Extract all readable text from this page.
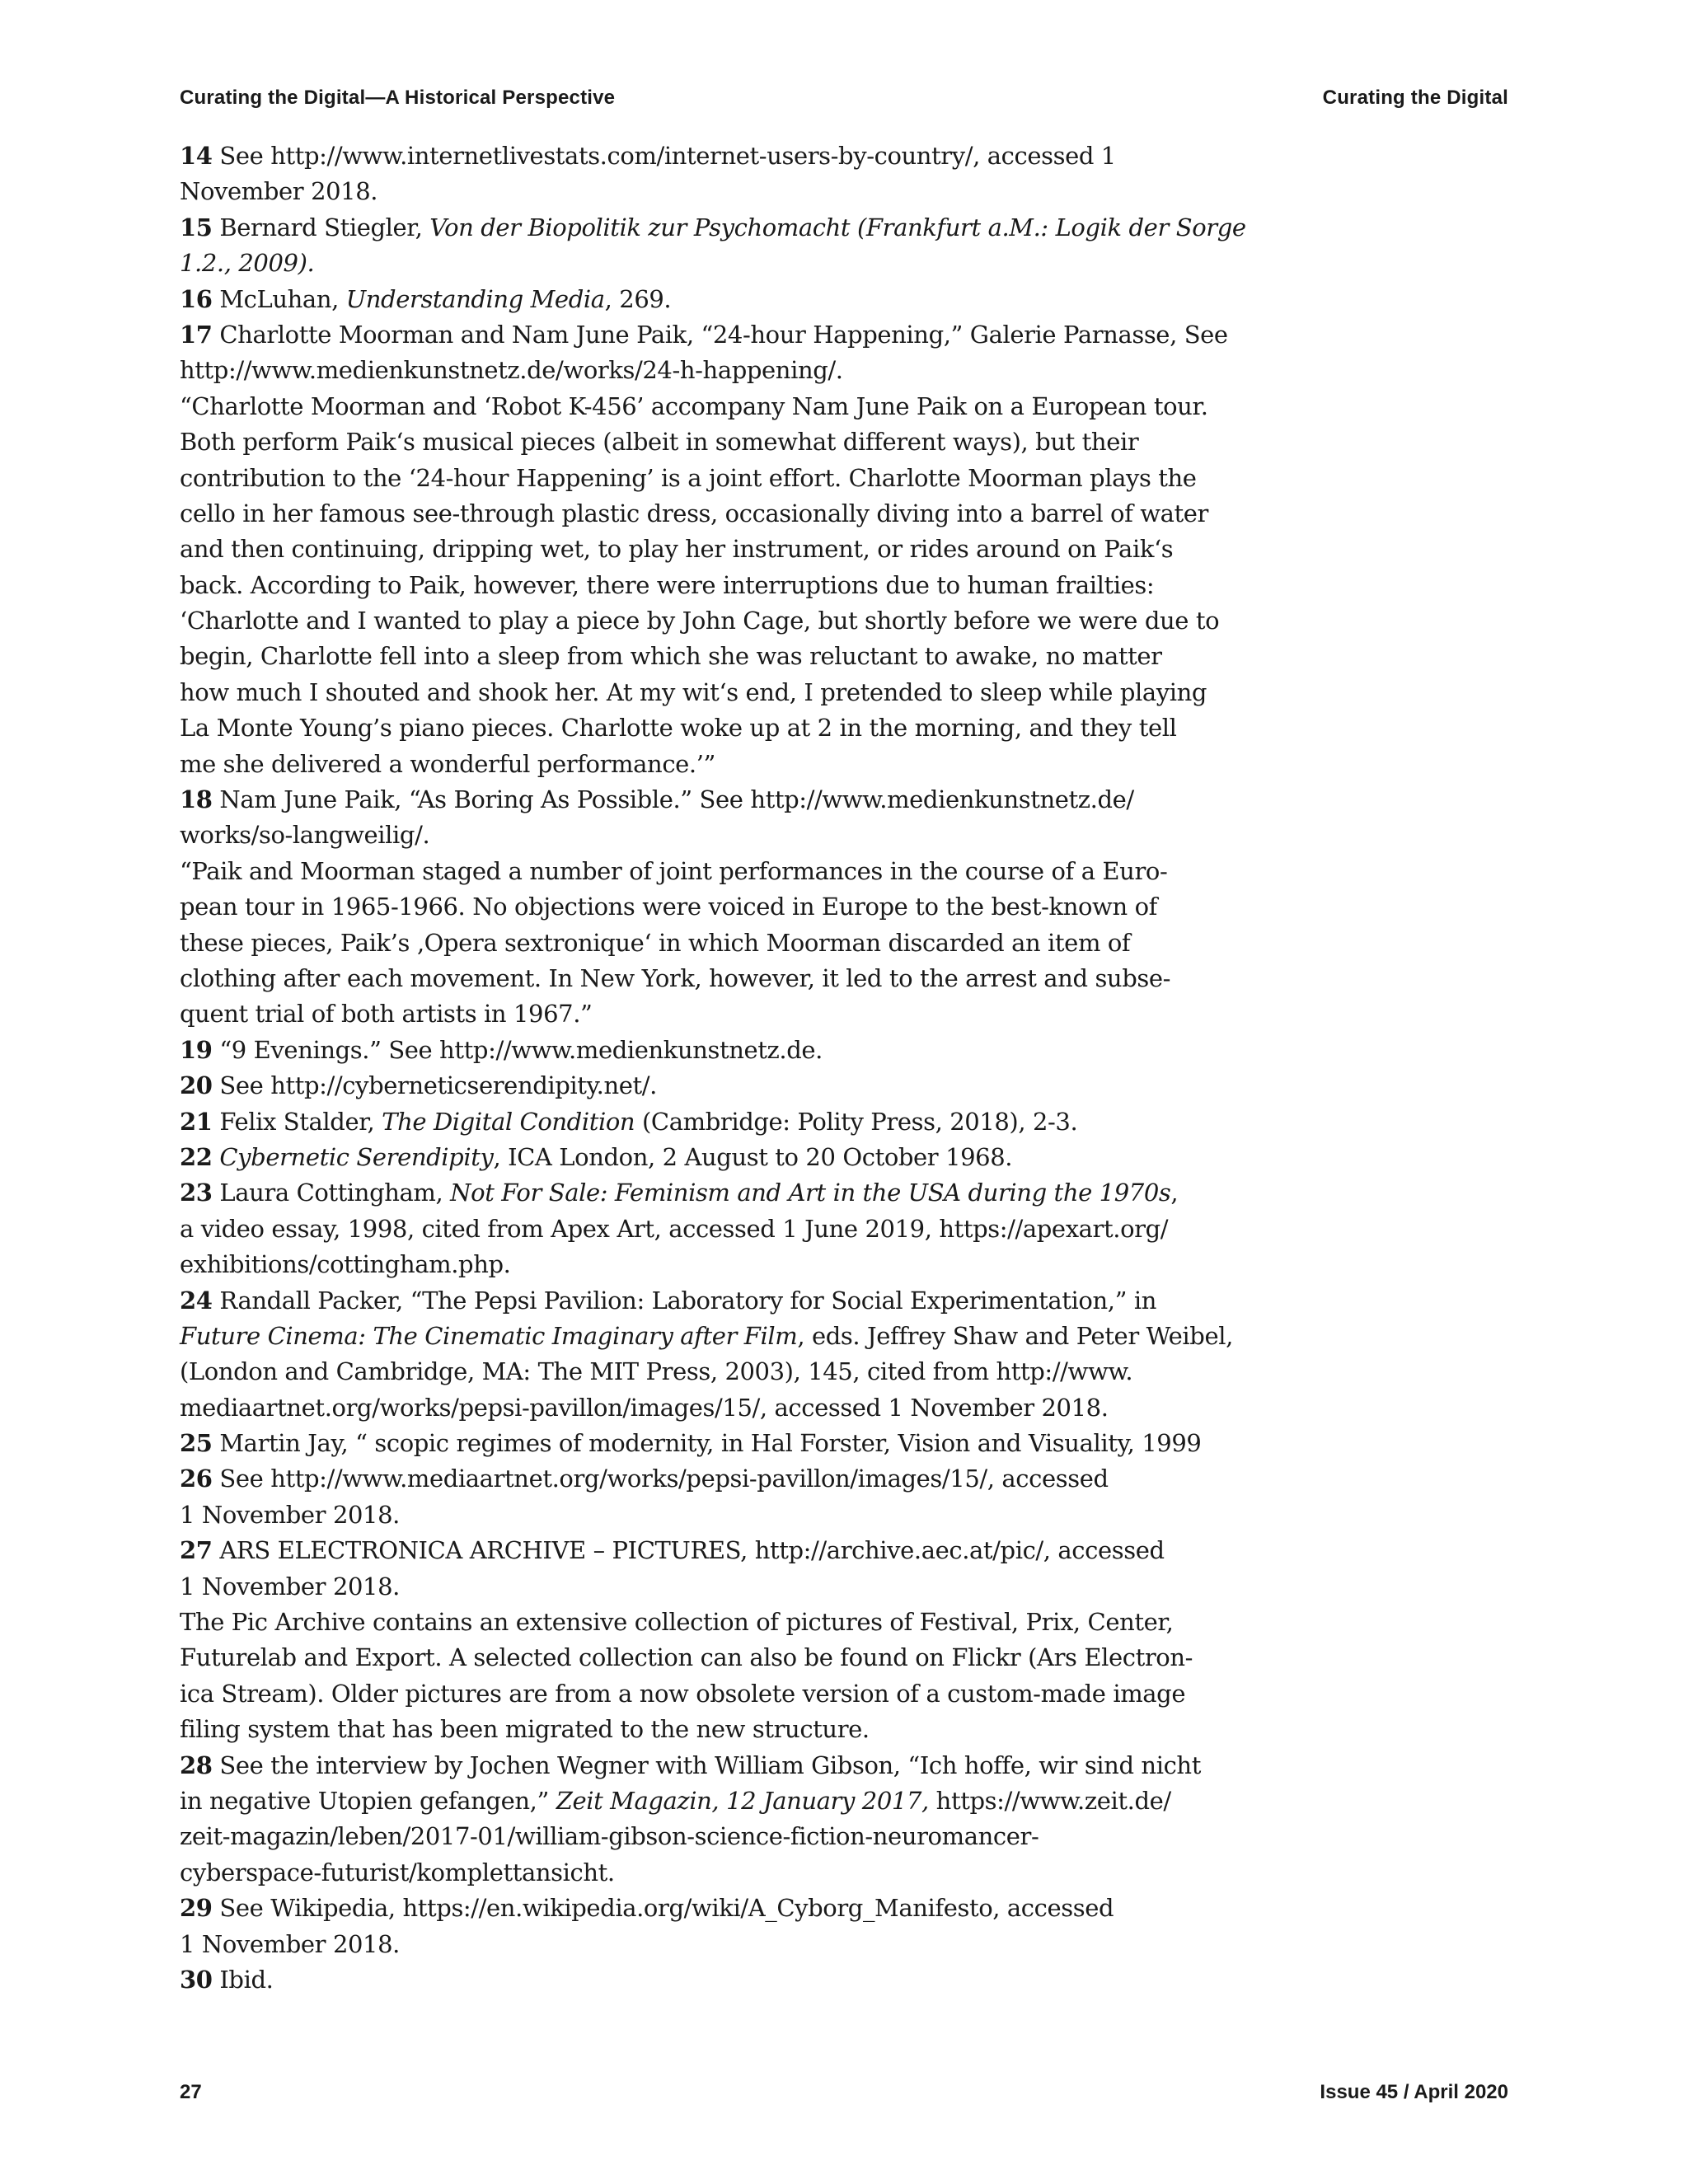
Curating the Digital—A Historical Perspective	Curating the Digital
14 See http://www.internetlivestats.com/internet-users-by-country/, accessed 1
November 2018.
15 Bernard Stiegler, Von der Biopolitik zur Psychomacht (Frankfurt a.M.: Logik der Sorge
1.2., 2009).
16 McLuhan, Understanding Media, 269.
17 Charlotte Moorman and Nam June Paik, “24-hour Happening,” Galerie Parnasse, See
http://www.medienkunstnetz.de/works/24-h-happening/.
“Charlotte Moorman and ‘Robot K-456’ accompany Nam June Paik on a European tour.
Both perform Paik‘s musical pieces (albeit in somewhat different ways), but their
contribution to the ‘24-hour Happening’ is a joint effort. Charlotte Moorman plays the
cello in her famous see-through plastic dress, occasionally diving into a barrel of water
and then continuing, dripping wet, to play her instrument, or rides around on Paik‘s
back. According to Paik, however, there were interruptions due to human frailties:
‘Charlotte and I wanted to play a piece by John Cage, but shortly before we were due to
begin, Charlotte fell into a sleep from which she was reluctant to awake, no matter
how much I shouted and shook her. At my wit‘s end, I pretended to sleep while playing
La Monte Young’s piano pieces. Charlotte woke up at 2 in the morning, and they tell
me she delivered a wonderful performance.’”
18 Nam June Paik, “As Boring As Possible.” See http://www.medienkunstnetz.de/
works/so-langweilig/.
“Paik and Moorman staged a number of joint performances in the course of a Euro-
pean tour in 1965-1966. No objections were voiced in Europe to the best-known of
these pieces, Paik’s ‚Opera sextronique‘ in which Moorman discarded an item of
clothing after each movement. In New York, however, it led to the arrest and subse-
quent trial of both artists in 1967.”
19 “9 Evenings.” See http://www.medienkunstnetz.de.
20 See http://cyberneticserendipity.net/.
21 Felix Stalder, The Digital Condition (Cambridge: Polity Press, 2018), 2-3.
22 Cybernetic Serendipity, ICA London, 2 August to 20 October 1968.
23 Laura Cottingham, Not For Sale: Feminism and Art in the USA during the 1970s,
a video essay, 1998, cited from Apex Art, accessed 1 June 2019, https://apexart.org/
exhibitions/cottingham.php.
24 Randall Packer, “The Pepsi Pavilion: Laboratory for Social Experimentation,” in
Future Cinema: The Cinematic Imaginary after Film, eds. Jeffrey Shaw and Peter Weibel,
(London and Cambridge, MA: The MIT Press, 2003), 145, cited from http://www.
mediaartnet.org/works/pepsi-pavillon/images/15/, accessed 1 November 2018.
25 Martin Jay, “ scopic regimes of modernity, in Hal Forster, Vision and Visuality, 1999
26 See http://www.mediaartnet.org/works/pepsi-pavillon/images/15/, accessed
1 November 2018.
27 ARS ELECTRONICA ARCHIVE – PICTURES, http://archive.aec.at/pic/, accessed
1 November 2018.
The Pic Archive contains an extensive collection of pictures of Festival, Prix, Center,
Futurelab and Export. A selected collection can also be found on Flickr (Ars Electron-
ica Stream). Older pictures are from a now obsolete version of a custom-made image
filing system that has been migrated to the new structure.
28 See the interview by Jochen Wegner with William Gibson, “Ich hoffe, wir sind nicht
in negative Utopien gefangen,” Zeit Magazin, 12 January 2017, https://www.zeit.de/
zeit-magazin/leben/2017-01/william-gibson-science-fiction-neuromancer-
cyberspace-futurist/komplettansicht.
29 See Wikipedia, https://en.wikipedia.org/wiki/A_Cyborg_Manifesto, accessed
1 November 2018.
30 Ibid.
27	Issue 45 / April 2020
